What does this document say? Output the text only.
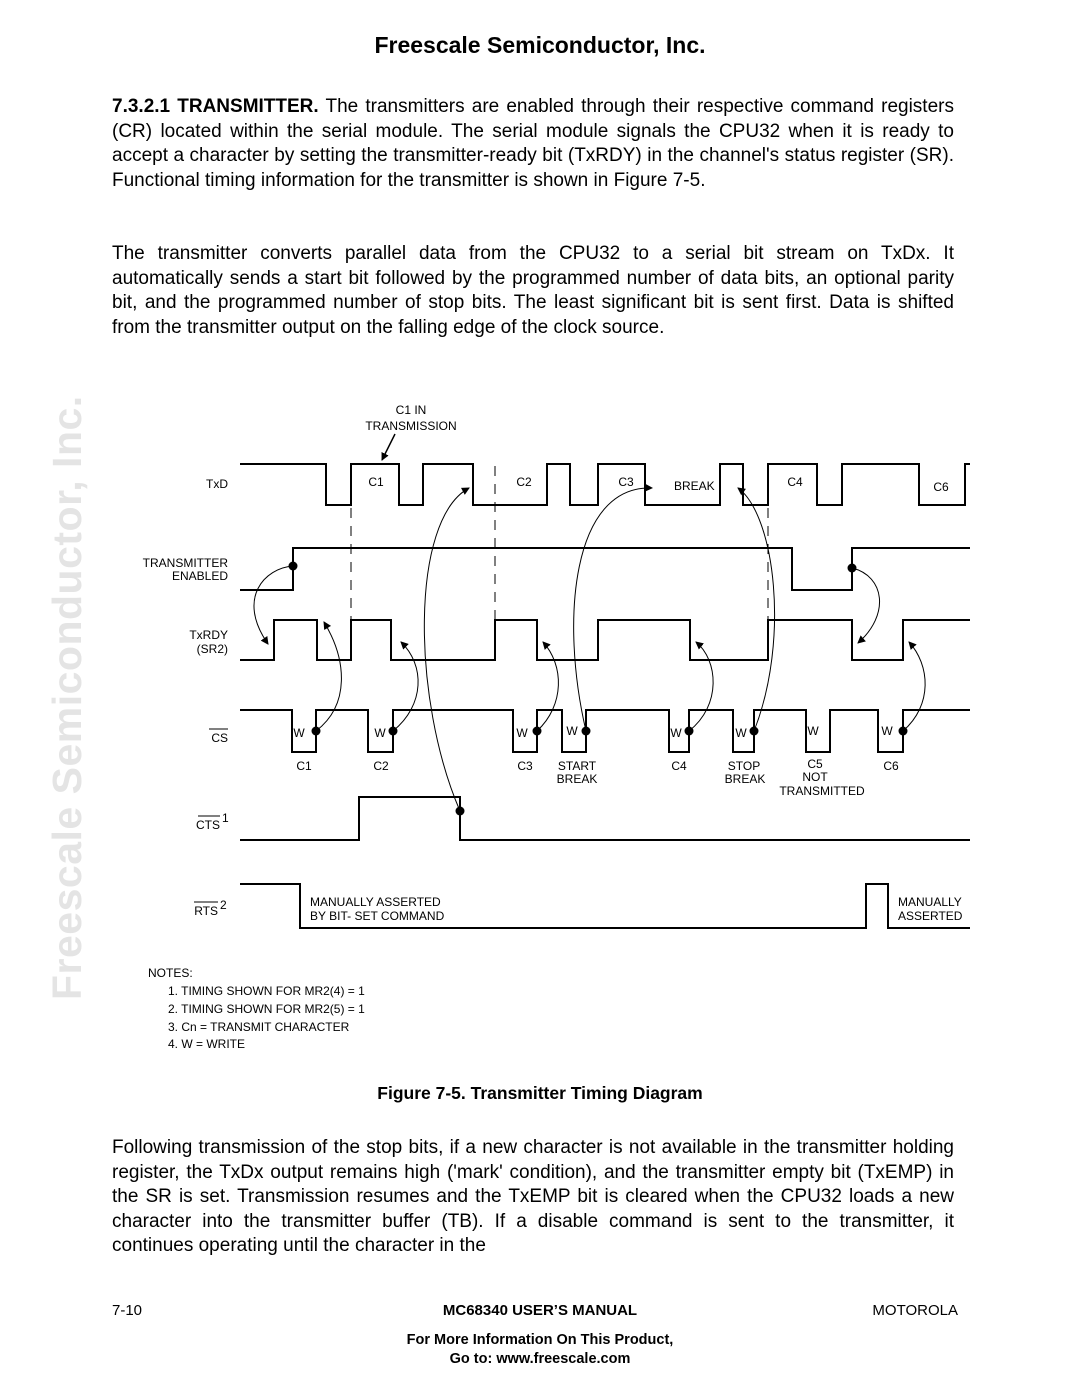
Freescale Semiconductor, Inc.
Freescale Semiconductor, Inc.
7.3.2.1 TRANSMITTER. The transmitters are enabled through their respective command registers (CR) located within the serial module. The serial module signals the CPU32 when it is ready to accept a character by setting the transmitter-ready bit (TxRDY) in the channel's status register (SR). Functional timing information for the transmitter is shown in Figure 7-5.
The transmitter converts parallel data from the CPU32 to a serial bit stream on TxDx. It automatically sends a start bit followed by the programmed number of data bits, an optional parity bit, and the programmed number of stop bits. The least significant bit is sent first. Data is shifted from the transmitter output on the falling edge of the clock source.
C1 IN
TRANSMISSION
TxD
TRANSMITTER
ENABLED
TxRDY
(SR2)
CS
CTS 1
RTS 2
C1	C2	C3	BREAK	C4	C6
W	W	W	W	W	W	W	W
C1	C2	C3 START
BREAK
C4	STOP
BREAK
C5
NOT
TRANSMITTED
C6
MANUALLY ASSERTED
BY BIT- SET COMMAND
MANUALLY
ASSERTED
NOTES:
1. TIMING SHOWN FOR MR2(4) = 1
2. TIMING SHOWN FOR MR2(5) = 1
3. Cn = TRANSMIT CHARACTER
4. W = WRITE
Figure 7-5. Transmitter Timing Diagram
Following transmission of the stop bits, if a new character is not available in the transmitter holding register, the TxDx output remains high ('mark' condition), and the transmitter empty bit (TxEMP) in the SR is set. Transmission resumes and the TxEMP bit is cleared when the CPU32 loads a new character into the transmitter buffer (TB). If a disable command is sent to the transmitter, it continues operating until the character in the
7-10	MC68340 USER’S MANUAL	MOTOROLA
For More Information On This Product,
Go to: www.freescale.com
